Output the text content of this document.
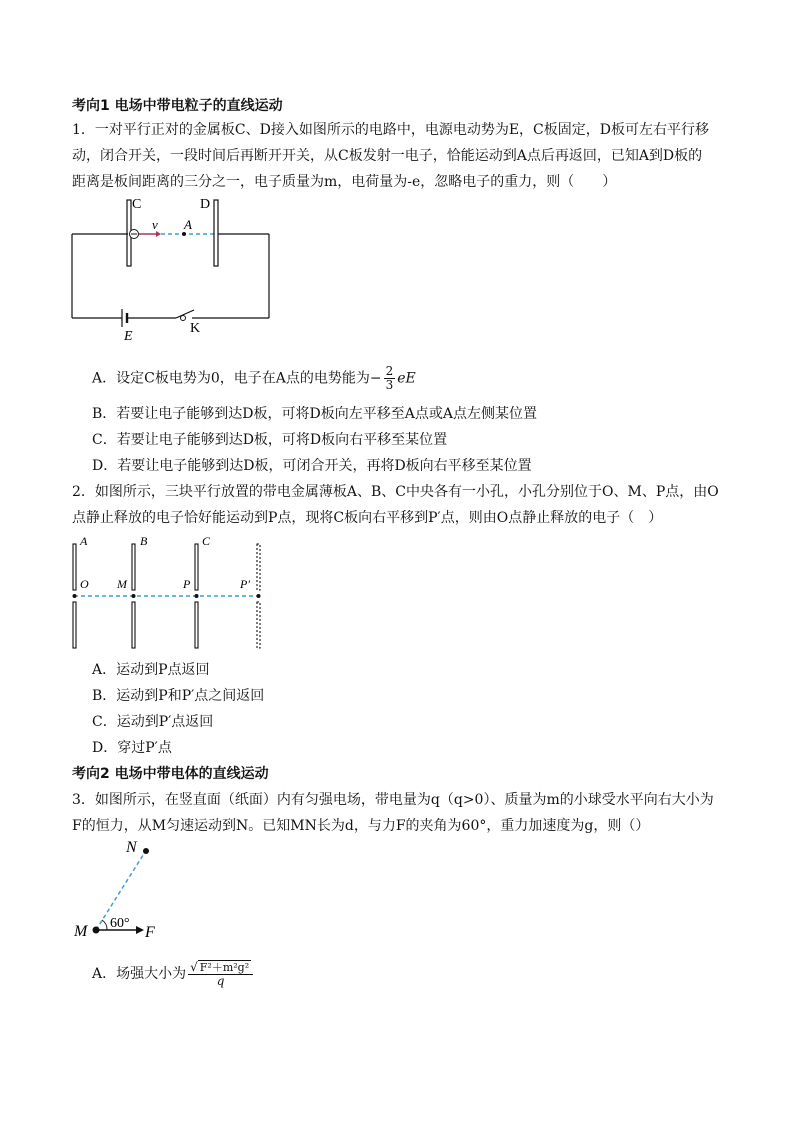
考向1 电场中带电粒子的直线运动
1．一对平行正对的金属板C、D接入如图所示的电路中，电源电动势为E，C板固定，D板可左右平行移
动，闭合开关，一段时间后再断开开关，从C板发射一电子，恰能运动到A点后再返回，已知A到D板的
距离是板间距离的三分之一，电子质量为m，电荷量为-e，忽略电子的重力，则（　　）
C	D
v A
E
K
A．设定C板电势为0，电子在A点的电势能为− $\frac{2}{3}$ eE
B．若要让电子能够到达D板，可将D板向左平移至A点或A点左侧某位置
C．若要让电子能够到达D板，可将D板向右平移至某位置
D．若要让电子能够到达D板，可闭合开关，再将D板向右平移至某位置
2．如图所示，三块平行放置的带电金属薄板A、B、C中央各有一小孔，小孔分别位于O、M、P点，由O
点静止释放的电子恰好能运动到P点，现将C板向右平移到P′点，则由O点静止释放的电子（　）
A	B	C
O M	P	P′
A．运动到P点返回
B．运动到P和P′点之间返回
C．运动到P′点返回
D．穿过P′点
考向2 电场中带电体的直线运动
3．如图所示，在竖直面（纸面）内有匀强电场，带电量为q（q>0）、质量为m的小球受水平向右大小为
F的恒力，从M匀速运动到N。已知MN长为d，与力F的夹角为60°，重力加速度为g，则（）
N
M	F
60°
A．场强大小为 $\frac{\text{√ F²＋m²g²}}{q}$
